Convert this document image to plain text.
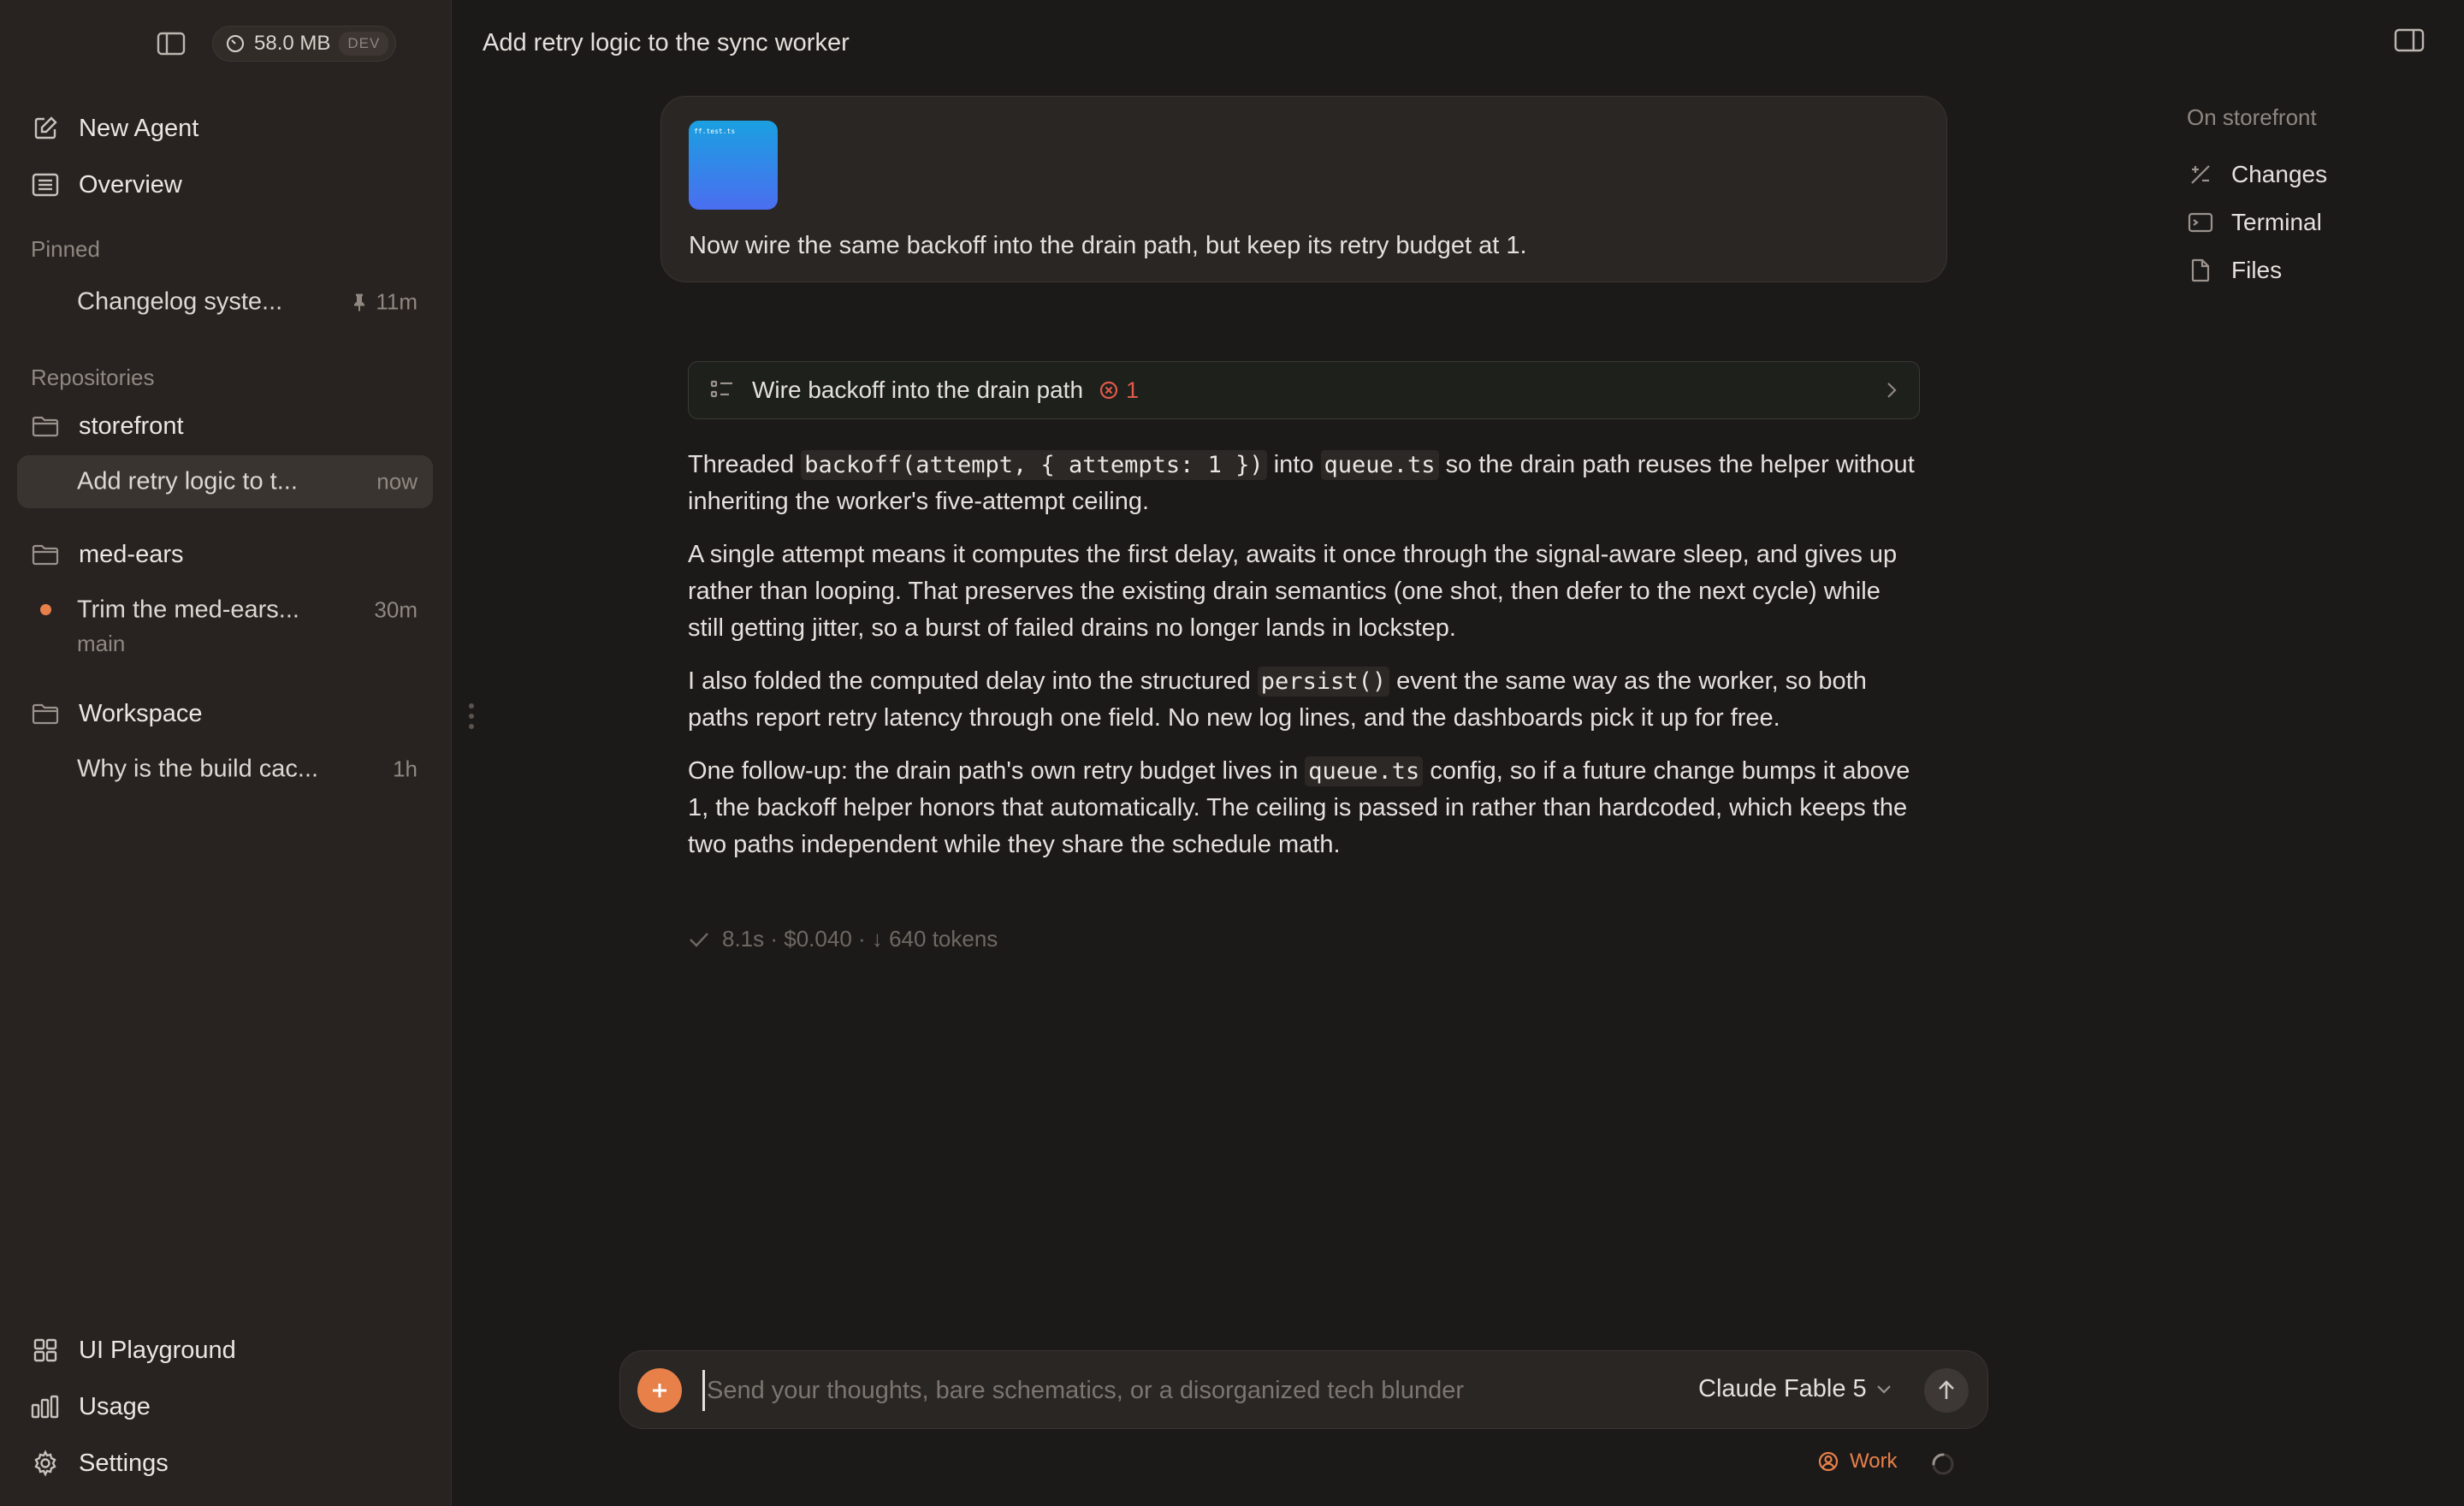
58.0 MB	DEV
New Agent
Overview
Pinned
Changelog syste...	11m
Repositories
storefront
Add retry logic to t...	now
med-ears
Trim the med-ears...	30m
main
Workspace
Why is the build cac...	1h
UI Playground
Usage
Settings
Add retry logic to the sync worker
On storefront
Changes
Terminal
Files
ff.test.ts
Now wire the same backoff into the drain path, but keep its retry budget at 1.
Wire backoff into the drain path 1

Threaded backoff(attempt, { attempts: 1 }) into queue.ts so the drain path reuses the helper without inheriting the worker's five-attempt ceiling.

A single attempt means it computes the first delay, awaits it once through the signal-aware sleep, and gives up rather than looping. That preserves the existing drain semantics (one shot, then defer to the next cycle) while still getting jitter, so a burst of failed drains no longer lands in lockstep.

I also folded the computed delay into the structured persist() event the same way as the worker, so both paths report retry latency through one field. No new log lines, and the dashboards pick it up for free.

One follow-up: the drain path's own retry budget lives in queue.ts config, so if a future change bumps it above 1, the backoff helper honors that automatically. The ceiling is passed in rather than hardcoded, which keeps the two paths independent while they share the schedule math.

8.1s · $0.040 · ↓ 640 tokens
Send your thoughts, bare schematics, or a disorganized tech blunder
Claude Fable 5
Work
